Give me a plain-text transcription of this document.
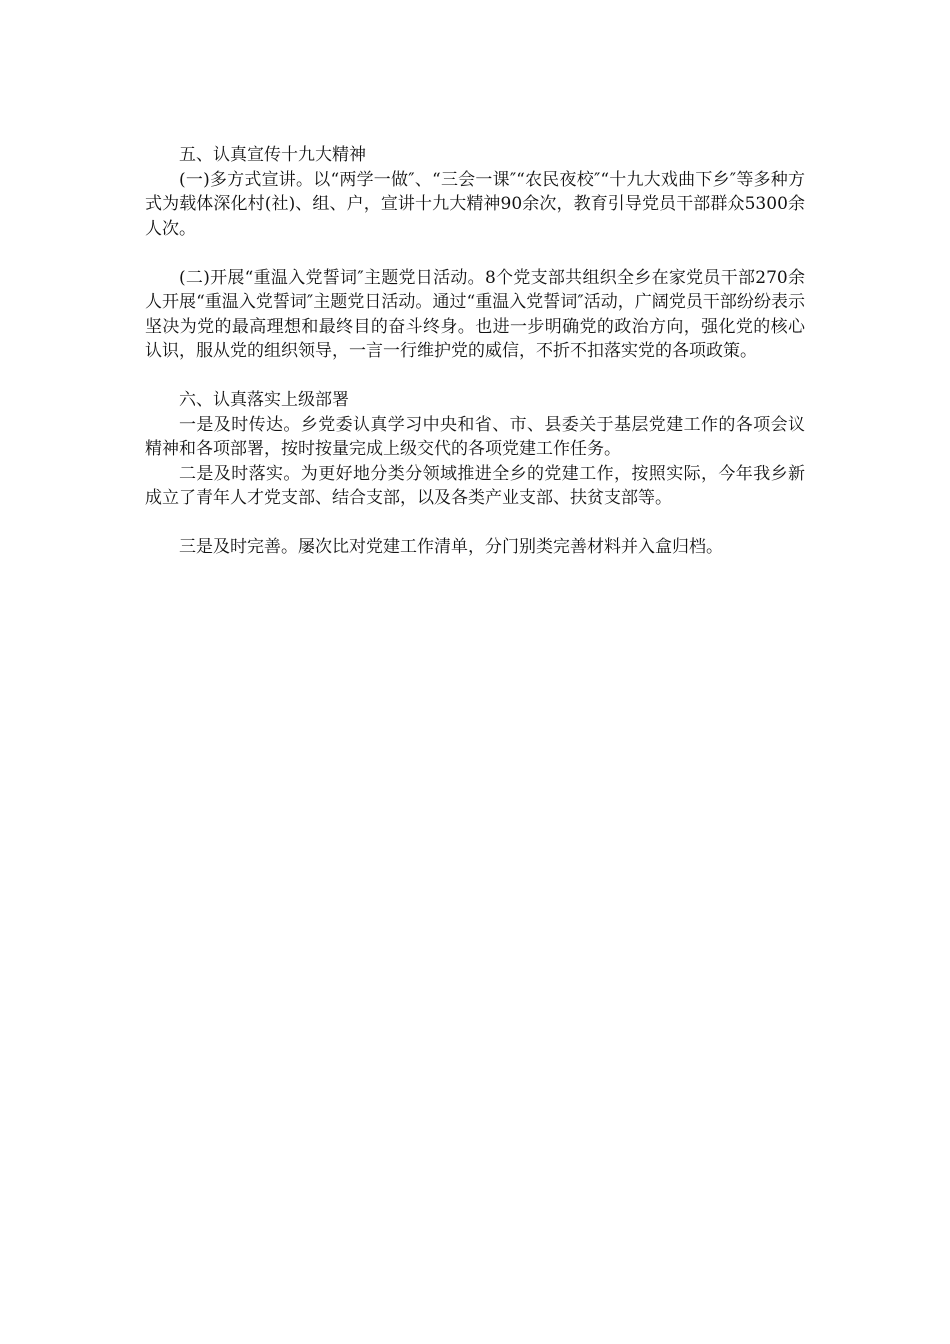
五、认真宣传十九大精神

(一)多方式宣讲。以“两学一做″、“三会一课″“农民夜校″“十九大戏曲下乡″等多种方式为载体深化村(社)、组、户，宣讲十九大精神90余次，教育引导党员干部群众5300余人次。

(二)开展“重温入党誓词″主题党日活动。8个党支部共组织全乡在家党员干部270余人开展“重温入党誓词″主题党日活动。通过“重温入党誓词″活动，广阔党员干部纷纷表示坚决为党的最高理想和最终目的奋斗终身。也进一步明确党的政治方向，强化党的核心认识，服从党的组织领导，一言一行维护党的威信，不折不扣落实党的各项政策。

六、认真落实上级部署

一是及时传达。乡党委认真学习中央和省、市、县委关于基层党建工作的各项会议精神和各项部署，按时按量完成上级交代的各项党建工作任务。

二是及时落实。为更好地分类分领域推进全乡的党建工作，按照实际，今年我乡新成立了青年人才党支部、结合支部，以及各类产业支部、扶贫支部等。

三是及时完善。屡次比对党建工作清单，分门别类完善材料并入盒归档。
